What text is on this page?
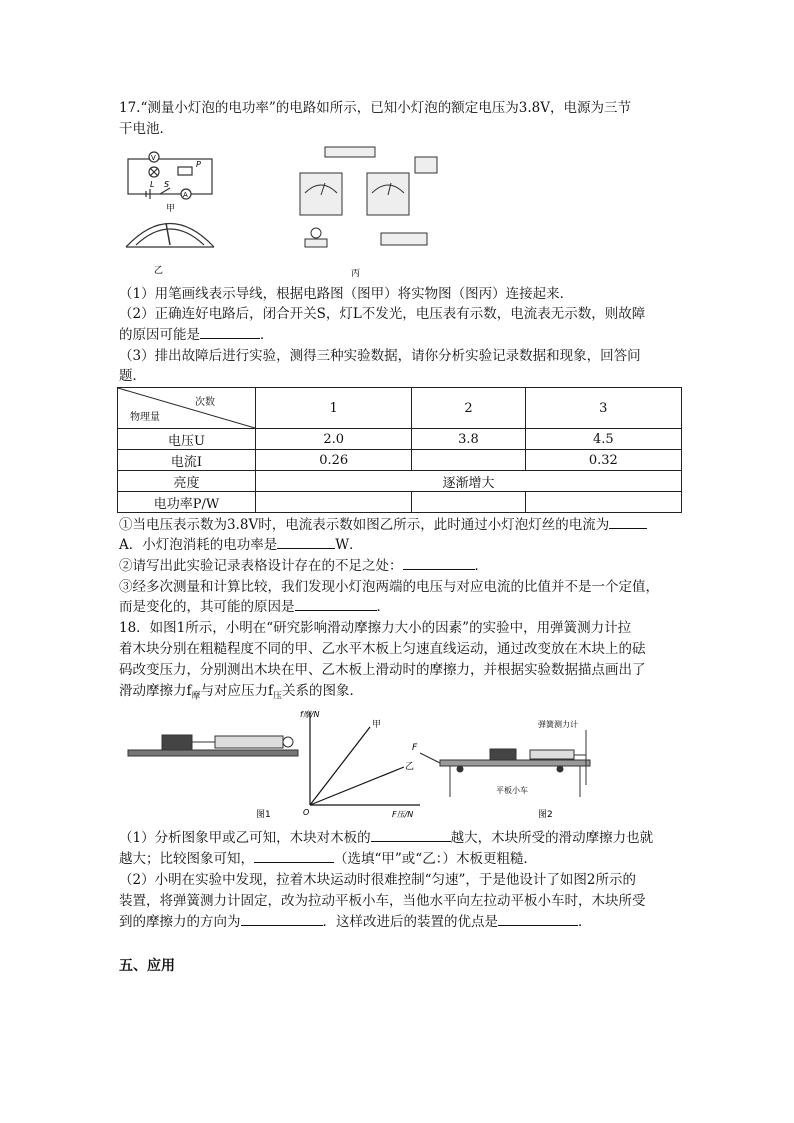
17.“测量小灯泡的电功率”的电路如所示，已知小灯泡的额定电压为3.8V，电源为三节
干电池．
V
A
P
L S
甲
乙	丙
（1）用笔画线表示导线，根据电路图（图甲）将实物图（图丙）连接起来．
（2）正确连好电路后，闭合开关S，灯L不发光，电压表有示数，电流表无示数，则故障
的原因可能是	．
（3）排出故障后进行实验，测得三种实验数据，请你分析实验记录数据和现象，回答问
题．
次数
物理量	1	2	3
电压U	2.0	3.8	4.5
电流I	0.26		0.32
亮度	逐渐增大		
电功率P/W			
①当电压表示数为3.8V时，电流表示数如图乙所示，此时通过小灯泡灯丝的电流为
A．小灯泡消耗的电功率是	W．
②请写出此实验记录表格设计存在的不足之处：	．
③经多次测量和计算比较，我们发现小灯泡两端的电压与对应电流的比值并不是一个定值，
而是变化的，其可能的原因是	．
18．如图1所示，小明在“研究影响滑动摩擦力大小的因素”的实验中，用弹簧测力计拉
着木块分别在粗糙程度不同的甲、乙水平木板上匀速直线运动，通过改变放在木块上的砝
码改变压力，分别测出木块在甲、乙木板上滑动时的摩擦力，并根据实验数据描点画出了
滑动摩擦力$f_摩$与对应压力$f_压$关系的图象．
图1
f摩/N
F压/N
O
甲
乙
F
弹簧测力计
平板小车
图2
（1）分析图象甲或乙可知，木块对木板的	越大，木块所受的滑动摩擦力也就
越大；比较图象可知，	（选填“甲”或“乙：）木板更粗糙．
（2）小明在实验中发现，拉着木块运动时很难控制“匀速”，于是他设计了如图2所示的
装置，将弹簧测力计固定，改为拉动平板小车，当他水平向左拉动平板小车时，木块所受
到的摩擦力的方向为	．这样改进后的装置的优点是	．
五、应用
